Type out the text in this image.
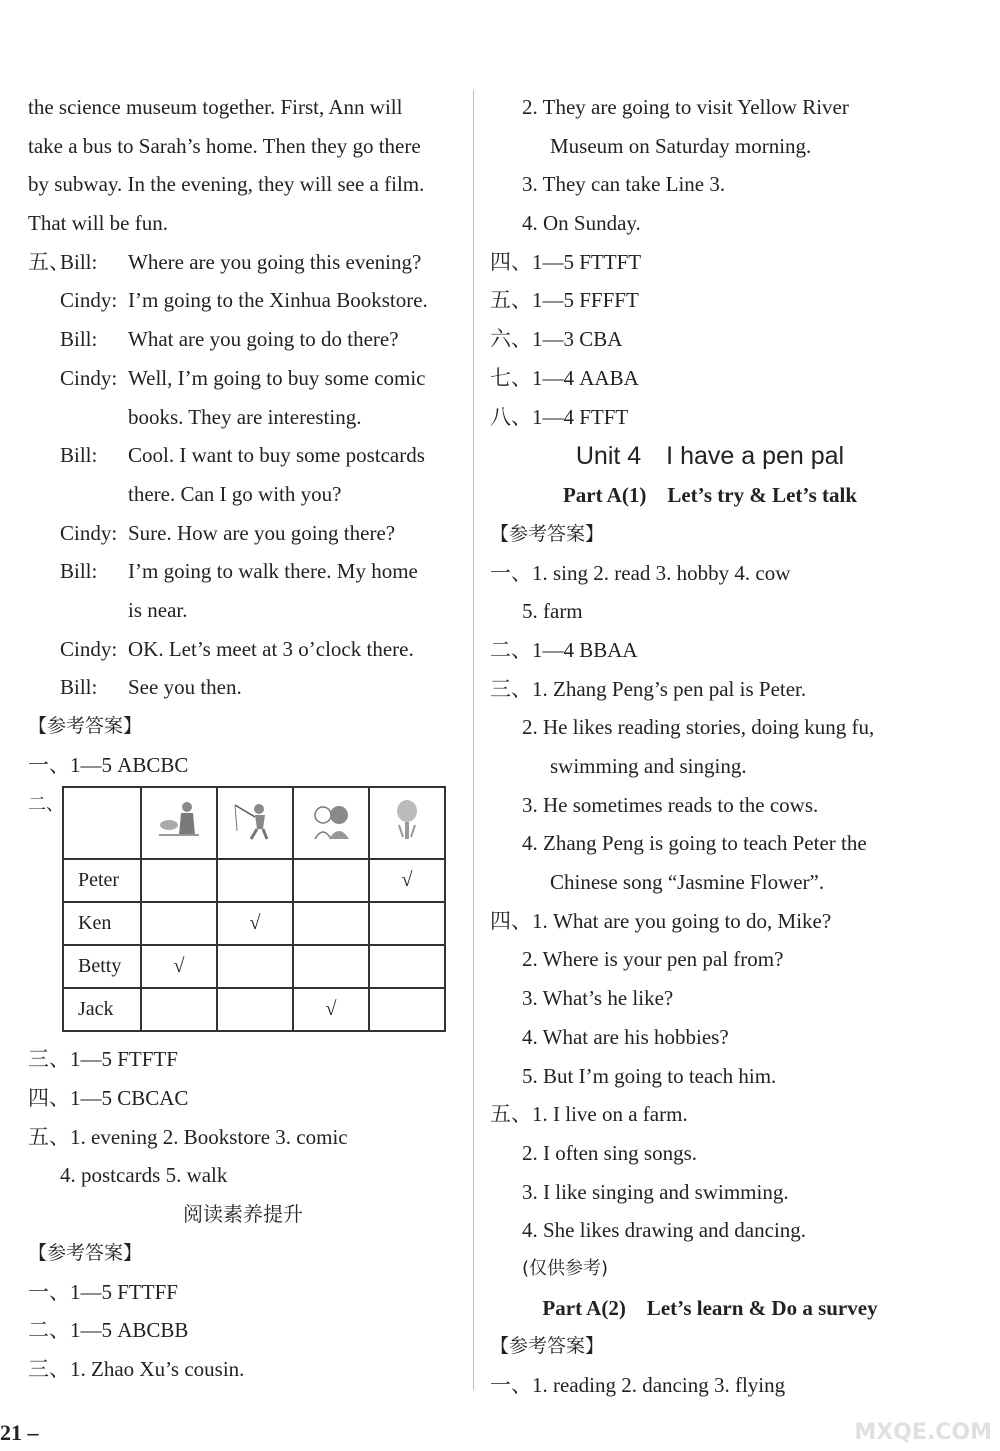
the science museum together. First, Ann will
take a bus to Sarah’s home. Then they go there
by subway. In the evening, they will see a film.
That will be fun.
五、
Bill:	Where are you going this evening?
Cindy: I’m going to the Xinhua Bookstore.
Bill:	What are you going to do there?
Cindy: Well, I’m going to buy some comic
books. They are interesting.
Bill:	Cool. I want to buy some postcards
there. Can I go with you?
Cindy: Sure. How are you going there?
Bill:	I’m going to walk there. My home
is near.
Cindy: OK. Let’s meet at 3 o’clock there.
Bill:	See you then.
【参考答案】
一、1—5 ABCBC
二、

Peter				√
Ken		√		
Betty	√			
Jack			√	
三、1—5 FTFTF
四、1—5 CBCAC
五、1. evening 2. Bookstore 3. comic
4. postcards 5. walk
阅读素养提升
【参考答案】
一、1—5 FTTFF
二、1—5 ABCBB
三、1. Zhao Xu’s cousin.
2. They are going to visit Yellow River
Museum on Saturday morning.
3. They can take Line 3.
4. On Sunday.
四、1—5 FTTFT
五、1—5 FFFFT
六、1—3 CBA
七、1—4 AABA
八、1—4 FTFT
Unit 4　I have a pen pal
Part A(1)　Let’s try & Let’s talk
【参考答案】
一、1. sing 2. read 3. hobby 4. cow
5. farm
二、1—4 BBAA
三、1. Zhang Peng’s pen pal is Peter.
2. He likes reading stories, doing kung fu,
swimming and singing.
3. He sometimes reads to the cows.
4. Zhang Peng is going to teach Peter the
Chinese song “Jasmine Flower”.
四、1. What are you going to do, Mike?
2. Where is your pen pal from?
3. What’s he like?
4. What are his hobbies?
5. But I’m going to teach him.
五、1. I live on a farm.
2. I often sing songs.
3. I like singing and swimming.
4. She likes drawing and dancing.
(仅供参考)
Part A(2)　Let’s learn & Do a survey
【参考答案】
一、1. reading 2. dancing 3. flying
21 –	MXQE.COM
